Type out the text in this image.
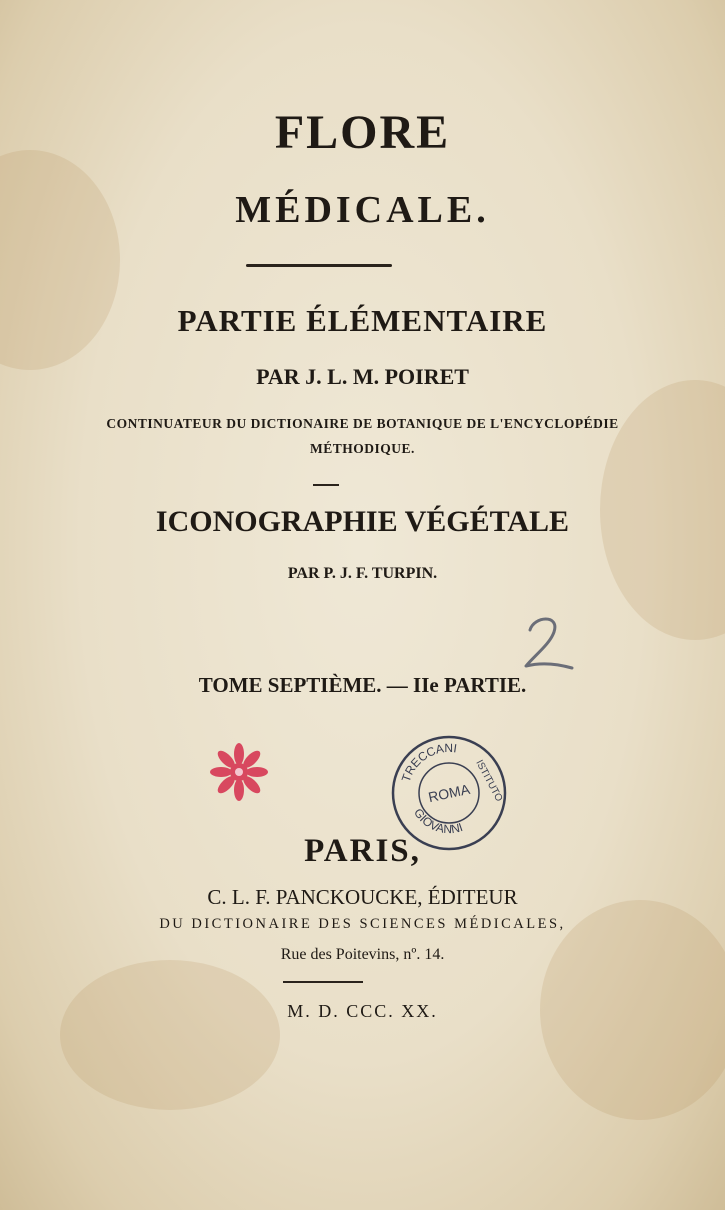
FLORE
MÉDICALE.
PARTIE ÉLÉMENTAIRE
PAR J. L. M. POIRET
CONTINUATEUR DU DICTIONAIRE DE BOTANIQUE DE L'ENCYCLOPÉDIE
MÉTHODIQUE.
ICONOGRAPHIE VÉGÉTALE
PAR P. J. F. TURPIN.
TOME SEPTIÈME. — IIe PARTIE.
TRECCANI
GIOVANNI
ISTITUTO
ROMA
PARIS,
C. L. F. PANCKOUCKE, ÉDITEUR
DU DICTIONAIRE DES SCIENCES MÉDICALES,
Rue des Poitevins, nº. 14.
M. D. CCC. XX.
